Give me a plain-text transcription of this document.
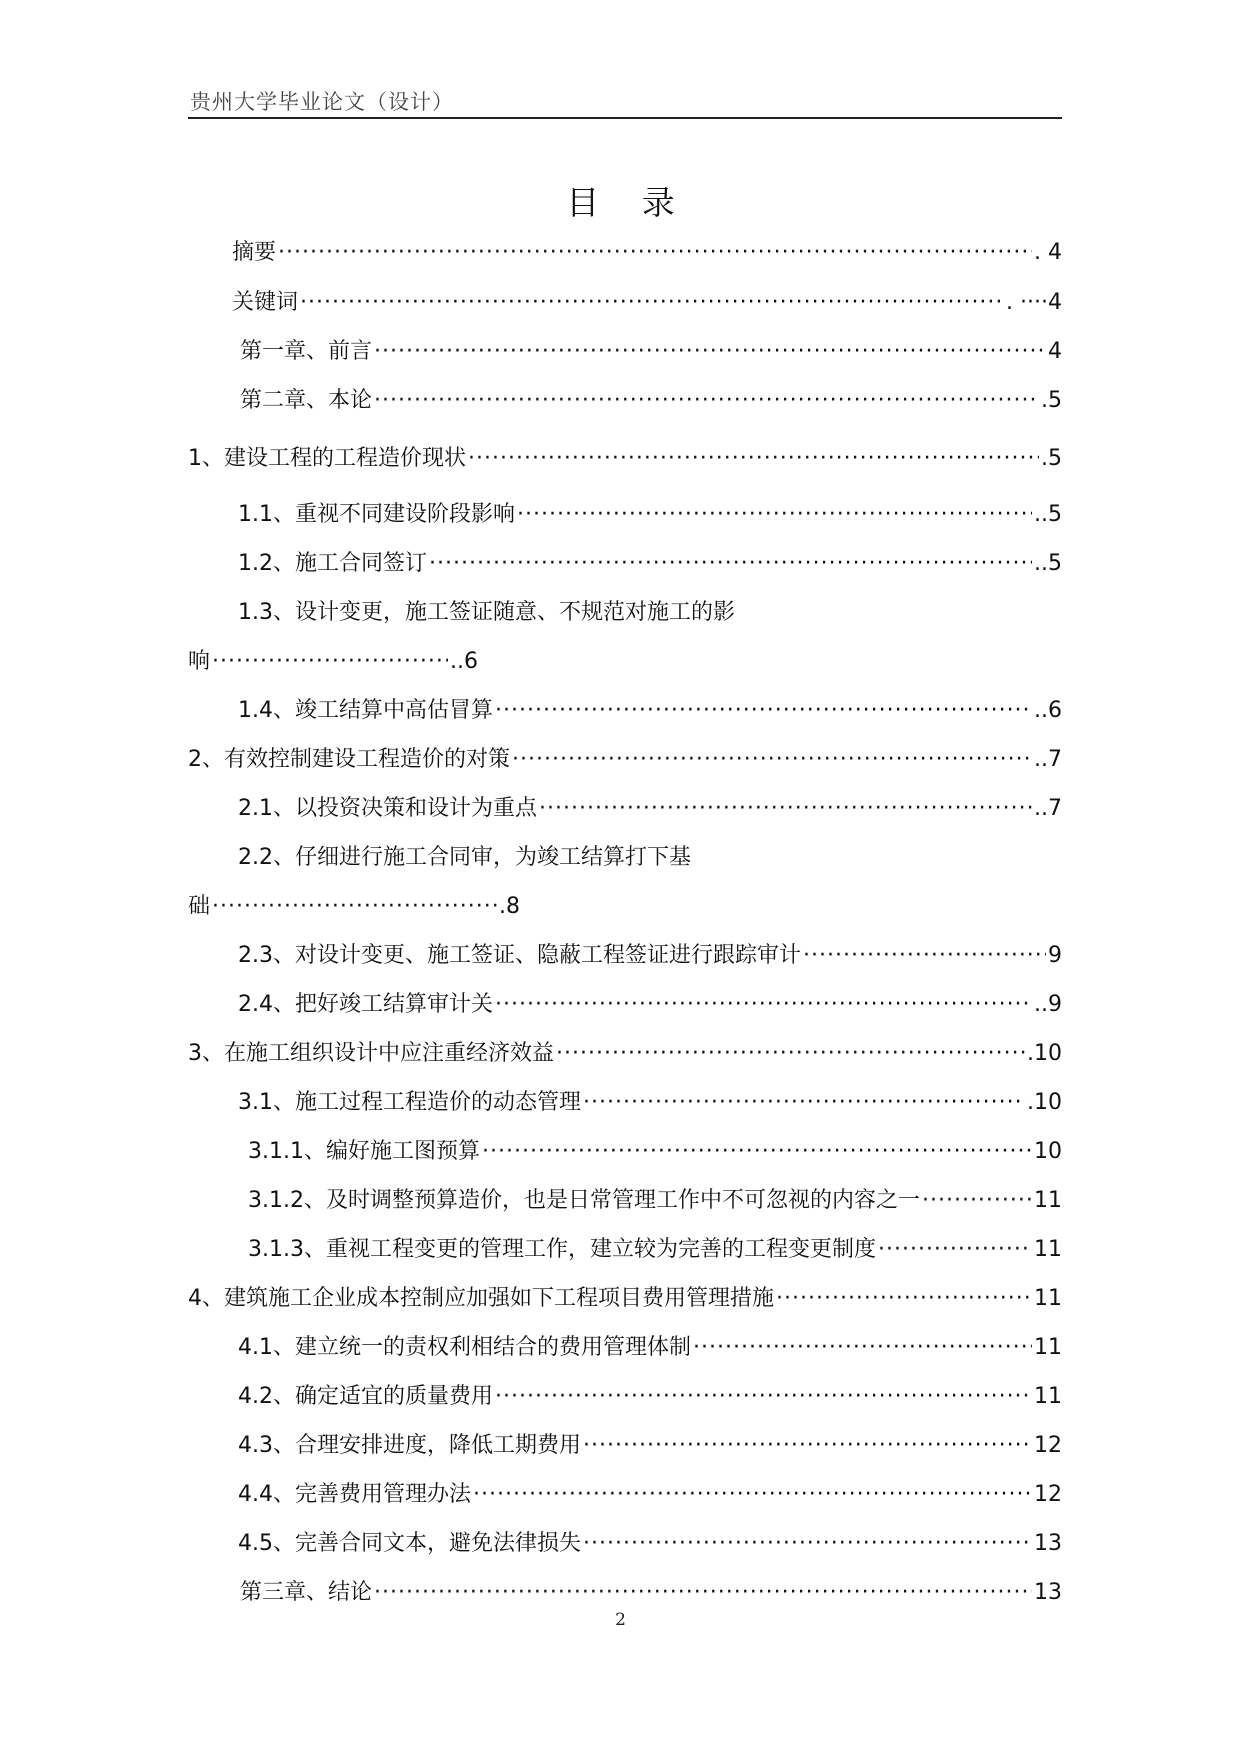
贵州大学毕业论文（设计）
目 录
摘要 ·····	. 4
关键词 ·····	. ····4
第一章、前言 ·····	4
第二章、本论 ·····	.5
1、建设工程的工程造价现状 ·····	.5
1.1、重视不同建设阶段影响 ·····	..5
1.2、施工合同签订 ·····	..5
1.3、设计变更，施工签证随意、不规范对施工的影
响 ·····	..6
1.4、竣工结算中高估冒算 ·····	..6
2、有效控制建设工程造价的对策 ·····	..7
2.1、以投资决策和设计为重点 ·····	..7
2.2、仔细进行施工合同审，为竣工结算打下基
础 ·····	.8
2.3、对设计变更、施工签证、隐蔽工程签证进行跟踪审计 ·····	9
2.4、把好竣工结算审计关 ·····	..9
3、在施工组织设计中应注重经济效益 ·····	.10
3.1、施工过程工程造价的动态管理 ·····	.10
3.1.1、编好施工图预算 ·····	10
3.1.2、及时调整预算造价，也是日常管理工作中不可忽视的内容之一 ·····	11
3.1.3、重视工程变更的管理工作，建立较为完善的工程变更制度 ·····	11
4、建筑施工企业成本控制应加强如下工程项目费用管理措施 ·····	11
4.1、建立统一的责权利相结合的费用管理体制 ·····	11
4.2、确定适宜的质量费用 ·····	11
4.3、合理安排进度，降低工期费用 ·····	12
4.4、完善费用管理办法 ·····	12
4.5、完善合同文本，避免法律损失 ·····	13
第三章、结论 ·····	13
2
